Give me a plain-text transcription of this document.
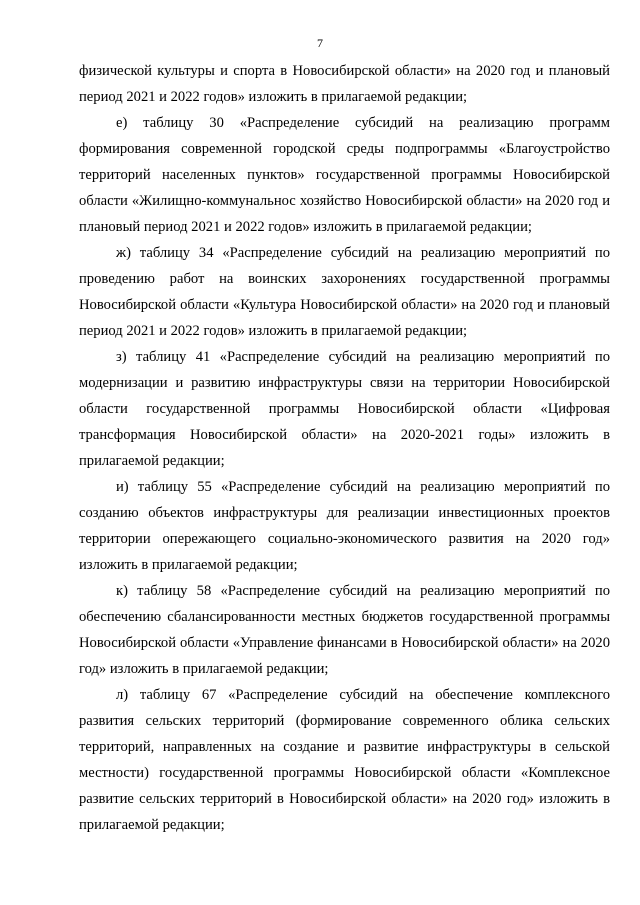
7

физической культуры и спорта в Новосибирской области» на 2020 год и плановый период 2021 и 2022 годов» изложить в прилагаемой редакции;

е) таблицу 30 «Распределение субсидий на реализацию программ формирования современной городской среды подпрограммы «Благоустройство территорий населенных пунктов» государственной программы Новосибирской области «Жилищно-коммунальнос хозяйство Новосибирской области» на 2020 год и плановый период 2021 и 2022 годов» изложить в прилагаемой редакции;

ж) таблицу 34 «Распределение субсидий на реализацию мероприятий по проведению работ на воинских захоронениях государственной программы Новосибирской области «Культура Новосибирской области» на 2020 год и плановый период 2021 и 2022 годов» изложить в прилагаемой редакции;

з) таблицу 41 «Распределение субсидий на реализацию мероприятий по модернизации и развитию инфраструктуры связи на территории Новосибирской области государственной программы Новосибирской области «Цифровая трансформация Новосибирской области» на 2020-2021 годы» изложить в прилагаемой редакции;

и) таблицу 55 «Распределение субсидий на реализацию мероприятий по созданию объектов инфраструктуры для реализации инвестиционных проектов территории опережающего социально-экономического развития на 2020 год» изложить в прилагаемой редакции;

к) таблицу 58 «Распределение субсидий на реализацию мероприятий по обеспечению сбалансированности местных бюджетов государственной программы Новосибирской области «Управление финансами в Новосибирской области» на 2020 год» изложить в прилагаемой редакции;

л) таблицу 67 «Распределение субсидий на обеспечение комплексного развития сельских территорий (формирование современного облика сельских территорий, направленных на создание и развитие инфраструктуры в сельской местности) государственной программы Новосибирской области «Комплексное развитие сельских территорий в Новосибирской области» на 2020 год» изложить в прилагаемой редакции;
